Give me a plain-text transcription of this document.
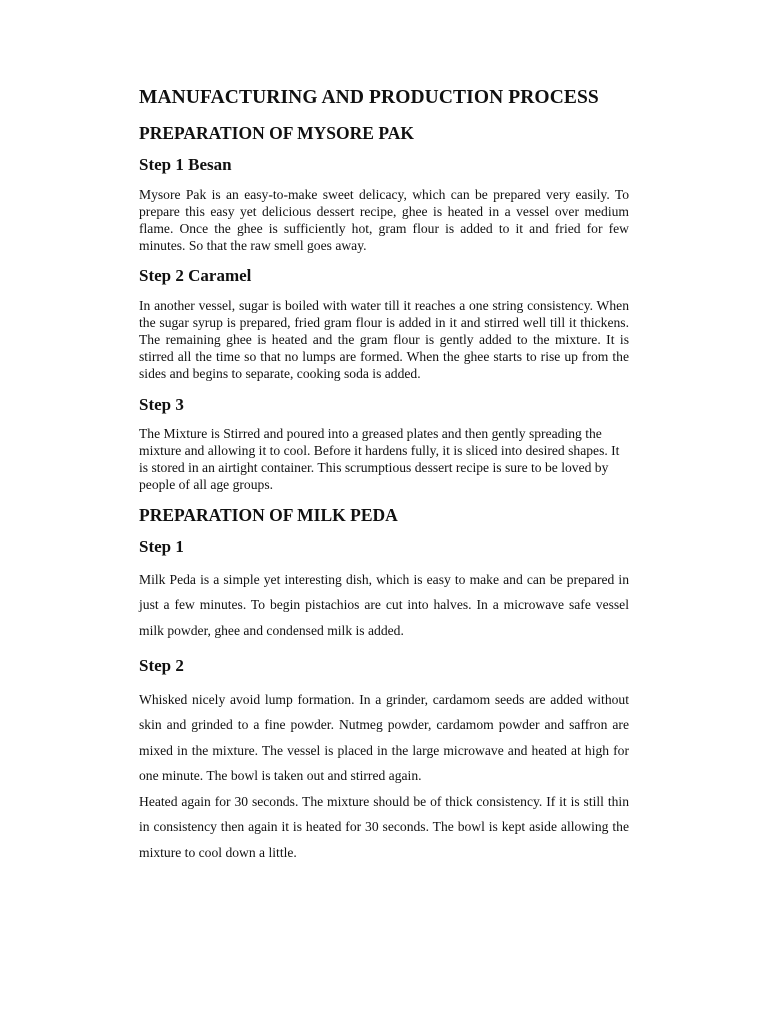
MANUFACTURING AND PRODUCTION PROCESS
PREPARATION OF MYSORE PAK
Step 1 Besan

Mysore Pak is an easy-to-make sweet delicacy, which can be prepared very easily. To prepare this easy yet delicious dessert recipe, ghee is heated in a vessel over medium flame. Once the ghee is sufficiently hot, gram flour is added to it and fried for few minutes. So that the raw smell goes away.

Step 2 Caramel

In another vessel, sugar is boiled with water till it reaches a one string consistency. When the sugar syrup is prepared, fried gram flour is added in it and stirred well till it thickens. The remaining ghee is heated and the gram flour is gently added to the mixture. It is stirred all the time so that no lumps are formed. When the ghee starts to rise up from the sides and begins to separate, cooking soda is added.

Step 3

The Mixture is Stirred and poured into a greased plates and then gently spreading the mixture and allowing it to cool. Before it hardens fully, it is sliced into desired shapes. It is stored in an airtight container. This scrumptious dessert recipe is sure to be loved by people of all age groups.

PREPARATION OF MILK PEDA
Step 1

Milk Peda is a simple yet interesting dish, which is easy to make and can be prepared in just a few minutes. To begin pistachios are cut into halves. In a microwave safe vessel milk powder, ghee and condensed milk is added.

Step 2

Whisked nicely avoid lump formation. In a grinder, cardamom seeds are added without skin and grinded to a fine powder. Nutmeg powder, cardamom powder and saffron are mixed in the mixture. The vessel is placed in the large microwave and heated at high for one minute. The bowl is taken out and stirred again.

Heated again for 30 seconds. The mixture should be of thick consistency. If it is still thin in consistency then again it is heated for 30 seconds. The bowl is kept aside allowing the mixture to cool down a little.
